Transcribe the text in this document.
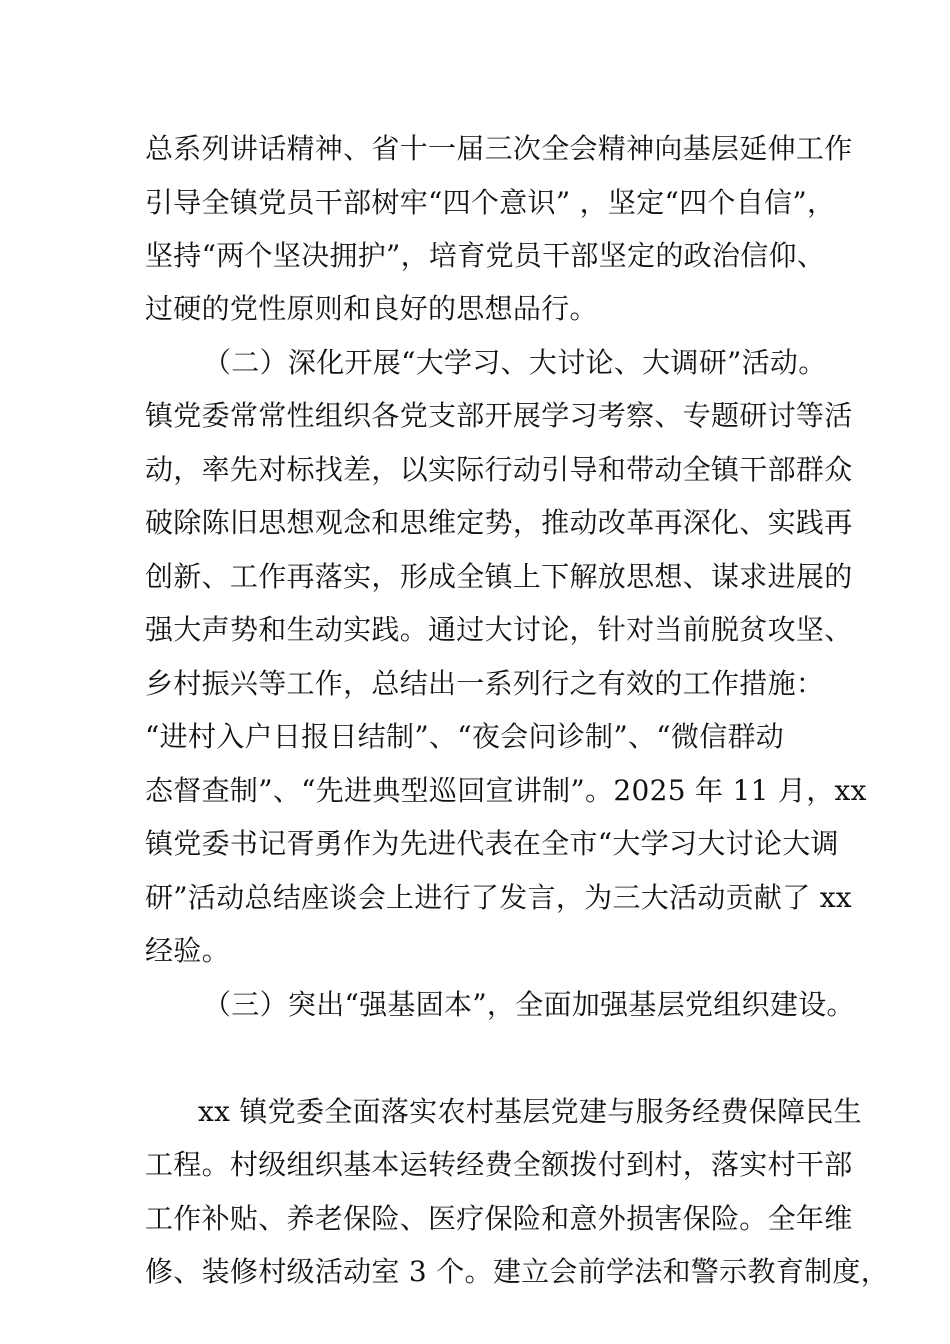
总系列讲话精神、省十一届三次全会精神向基层延伸工作
引导全镇党员干部树牢“四个意识” ，坚定“四个自信”，
坚持“两个坚决拥护”，培育党员干部坚定的政治信仰、
过硬的党性原则和良好的思想品行。
（二）深化开展“大学习、大讨论、大调研”活动。
镇党委常常性组织各党支部开展学习考察、专题研讨等活
动，率先对标找差，以实际行动引导和带动全镇干部群众
破除陈旧思想观念和思维定势，推动改革再深化、实践再
创新、工作再落实，形成全镇上下解放思想、谋求进展的
强大声势和生动实践。通过大讨论，针对当前脱贫攻坚、
乡村振兴等工作，总结出一系列行之有效的工作措施：
“进村入户日报日结制”、“夜会问诊制”、“微信群动
态督查制”、“先进典型巡回宣讲制”。2025 年 11 月，xx
镇党委书记胥勇作为先进代表在全市“大学习大讨论大调
研”活动总结座谈会上进行了发言，为三大活动贡献了 xx
经验。
（三）突出“强基固本”，全面加强基层党组织建设。
xx 镇党委全面落实农村基层党建与服务经费保障民生
工程。村级组织基本运转经费全额拨付到村，落实村干部
工作补贴、养老保险、医疗保险和意外损害保险。全年维
修、装修村级活动室 3 个。建立会前学法和警示教育制度，
